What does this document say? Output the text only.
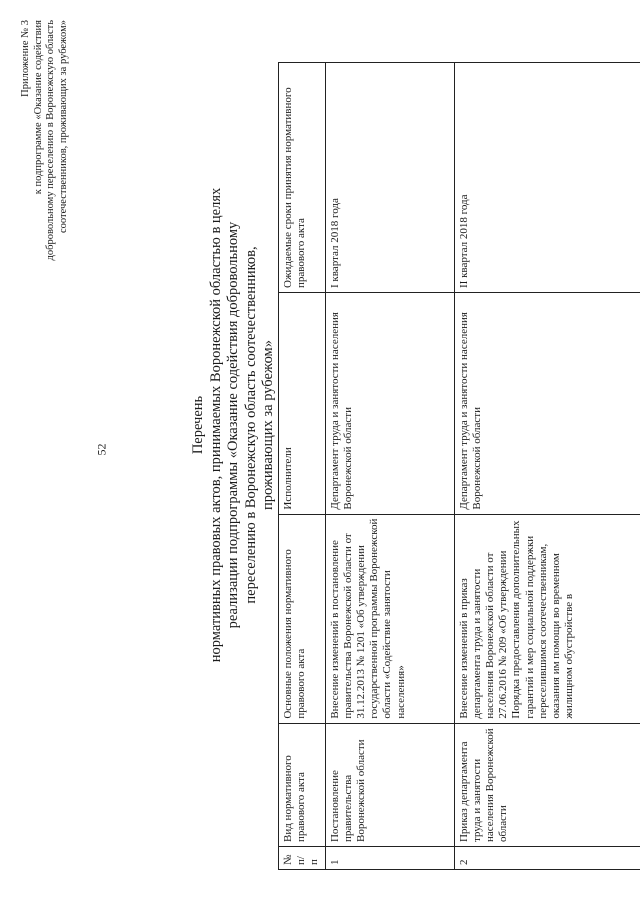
52
Приложение № 3 к подпрограмме «Оказание содействия добровольному переселению в Воронежскую область соотечественников, проживающих за рубежом»
Перечень нормативных правовых актов, принимаемых Воронежской областью в целях реализации подпрограммы «Оказание содействия добровольному переселению в Воронежскую область соотечественников, проживающих за рубежом»
№ п/п	Вид нормативного правового акта	Основные положения нормативного правового акта	Исполнители	Ожидаемые сроки принятия нормативного правового акта
1	Постановление правительства Воронежской области	Внесение изменений в постановление правительства Воронежской области от 31.12.2013 № 1201 «Об утверждении государственной программы Воронежской области «Содействие занятости населения»	Департамент труда и занятости населения Воронежской области	I квартал 2018 года
2	Приказ департамента труда и занятости населения Воронежской области	Внесение изменений в приказ департамента труда и занятости населения Воронежской области от 27.06.2016 № 209 «Об утверждении Порядка предоставления дополнительных гарантий и мер социальной поддержки переселившимся соотечественникам, оказания им помощи во временном жилищном обустройстве в	Департамент труда и занятости населения Воронежской области	II квартал 2018 года
